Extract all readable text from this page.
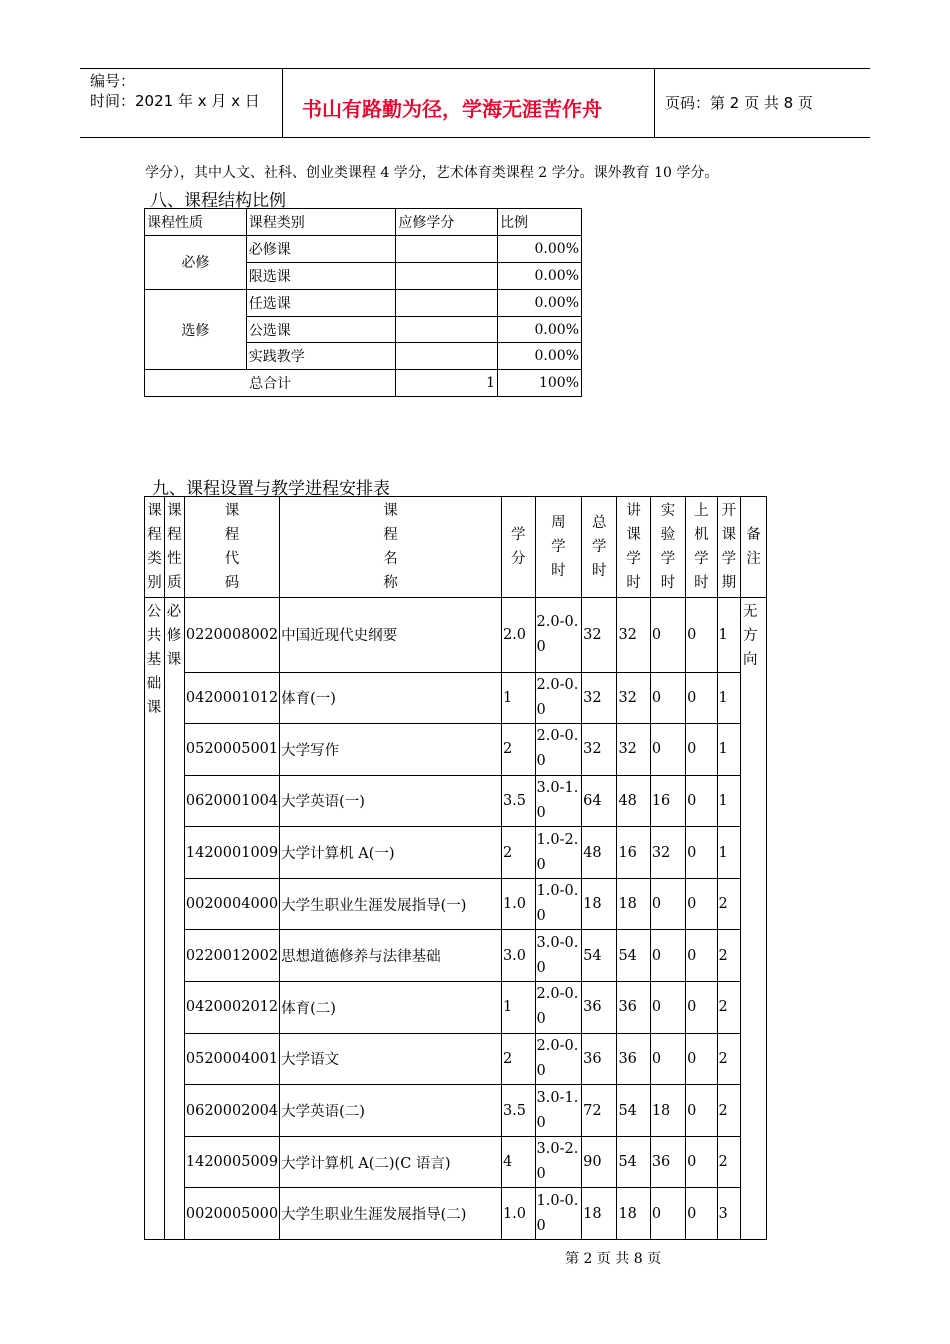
编号：
时间：2021 年 x 月 x 日	书山有路勤为径，学海无涯苦作舟	页码：第 2 页 共 8 页
学分），其中人文、社科、创业类课程 4 学分，艺术体育类课程 2 学分。课外教育 10 学分。
八、课程结构比例
课程性质	课程类别	应修学分	比例
必修	必修课		0.00%
	限选课		0.00%
选修	任选课		0.00%
	公选课		0.00%
	实践教学		0.00%
总合计		1	100%
九、课程设置与教学进程安排表
课程类别	课程性质	课程代码	课程名称	学分	周学时	总学时	讲课学时	实验学时	上机学时	开课学期	备注
公共基础课	必修课	0220008002	中国近现代史纲要	2.0	2.0-0.0	32	32	0	0	1	无方向
		0420001012	体育(一)	1	2.0-0.0	32	32	0	0	1	
		0520005001	大学写作	2	2.0-0.0	32	32	0	0	1	
		0620001004	大学英语(一)	3.5	3.0-1.0	64	48	16	0	1	
		1420001009	大学计算机 A(一)	2	1.0-2.0	48	16	32	0	1	
		0020004000	大学生职业生涯发展指导(一)	1.0	1.0-0.0	18	18	0	0	2	
		0220012002	思想道德修养与法律基础	3.0	3.0-0.0	54	54	0	0	2	
		0420002012	体育(二)	1	2.0-0.0	36	36	0	0	2	
		0520004001	大学语文	2	2.0-0.0	36	36	0	0	2	
		0620002004	大学英语(二)	3.5	3.0-1.0	72	54	18	0	2	
		1420005009	大学计算机 A(二)(C 语言)	4	3.0-2.0	90	54	36	0	2	
		0020005000	大学生职业生涯发展指导(二)	1.0	1.0-0.0	18	18	0	0	3	
第 2 页 共 8 页
